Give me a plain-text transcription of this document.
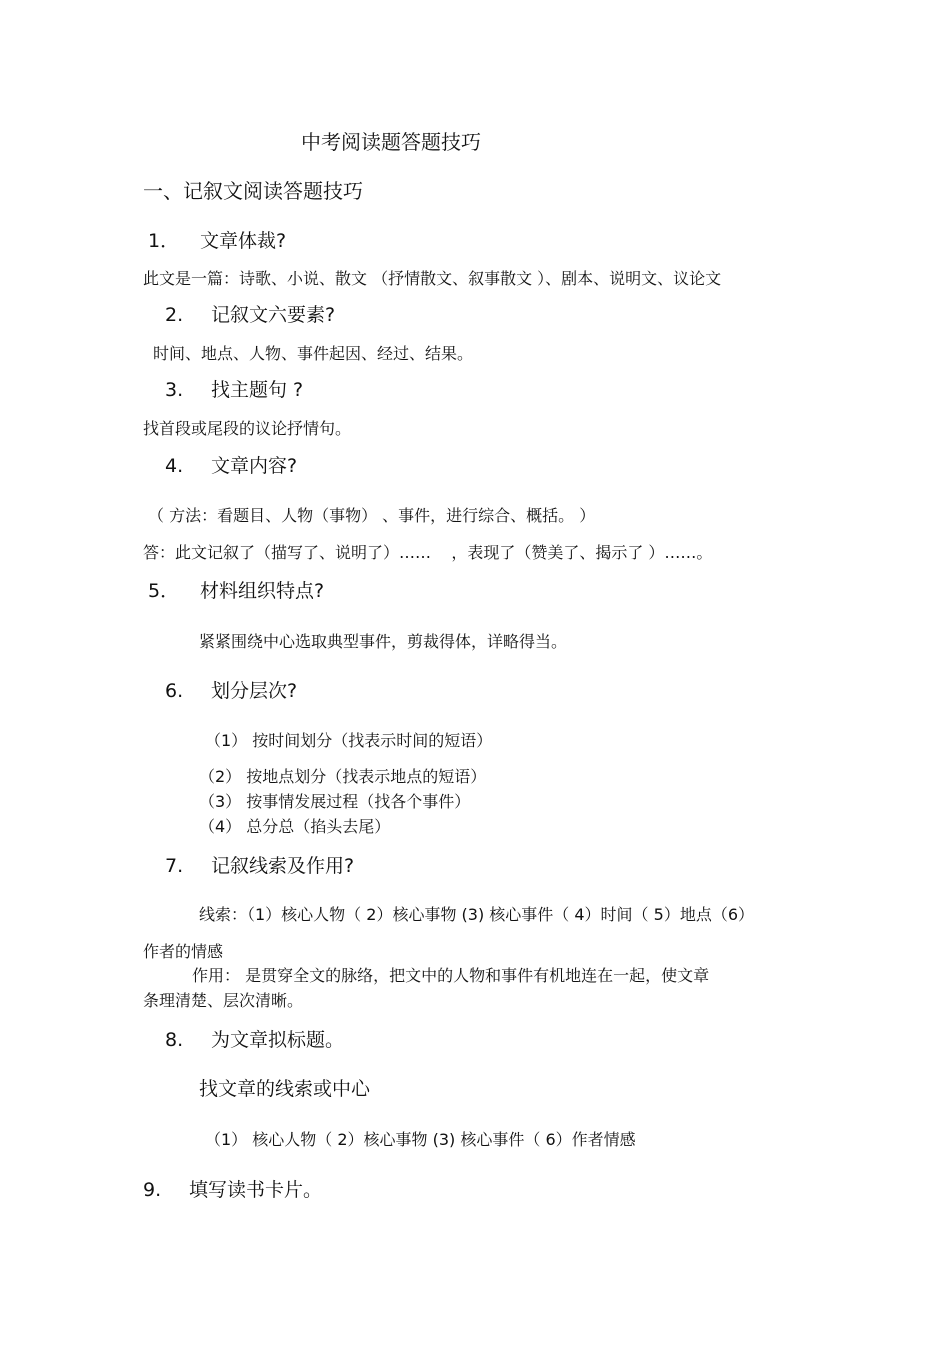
中考阅读题答题技巧
一、记叙文阅读答题技巧
1． 文章体裁?
此文是一篇：诗歌、小说、散文 （抒情散文、叙事散文 ）、剧本、说明文、议论文
2. 记叙文六要素?
时间、地点、人物、事件起因、经过、结果。
3. 找主题句 ?
找首段或尾段的议论抒情句。
4. 文章内容?
（ 方法：看题目、人物（事物） 、事件，进行综合、概括。 ）
答：此文记叙了（描写了、说明了）……    ，表现了（赞美了、揭示了 ）……。
5． 材料组织特点?
紧紧围绕中心选取典型事件，剪裁得体，详略得当。
6. 划分层次?
（1） 按时间划分（找表示时间的短语）
（2） 按地点划分（找表示地点的短语）
（3） 按事情发展过程（找各个事件）
（4） 总分总（掐头去尾）
7. 记叙线索及作用?
线索：（1）核心人物（ 2）核心事物 (3) 核心事件（ 4）时间（ 5）地点（6）
作者的情感
作用： 是贯穿全文的脉络，把文中的人物和事件有机地连在一起，使文章
条理清楚、层次清晰。
8. 为文章拟标题。
找文章的线索或中心
（1） 核心人物（ 2）核心事物 (3) 核心事件（ 6）作者情感
9. 填写读书卡片。
